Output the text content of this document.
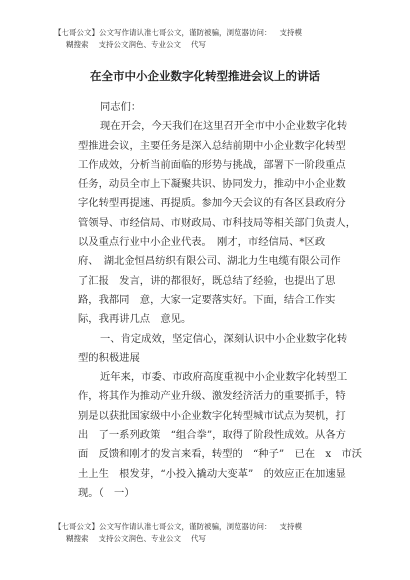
【七哥公文】公文写作请认准七哥公文，谨防被骗，浏览器访问： 支持模
糊搜索 支持公文润色、专业公文 代写
在全市中小企业数字化转型推进会议上的讲话

同志们：

现在开会，今天我们在这里召开全市中小企业数字化转

型推进会议，主要任务是深入总结前期中小企业数字化转型

工作成效，分析当前面临的形势与挑战，部署下一阶段重点

任务，动员全市上下凝聚共识、协同发力，推动中小企业数

字化转型再提速、再提质。参加今天会议的有各区县政府分

管领导、市经信局、市财政局、市科技局等相关部门负责人，

以及重点行业中小企业代表。　刚才，市经信局、*区政

府、　湖北金恒昌纺织有限公司、湖北力生电缆有限公司作

了汇报　发言，讲的都很好，既总结了经验，也提出了思

路，我都同　意，大家一定要落实好。下面，结合工作实

际，我再讲几点　意见。

一、肯定成效，坚定信心，深刻认识中小企业数字化转

型的积极进展

近年来，市委、市政府高度重视中小企业数字化转型工

作，将其作为推动产业升级、激发经济活力的重要抓手，特

别是以获批国家级中小企业数字化转型城市试点为契机，打

出　了一系列政策　“组合拳”，取得了阶段性成效。从各方

面　反馈和刚才的发言来看，转型的　“种子”　已在　x　市沃

土上生　根发芽，“小投入撬动大变革”　的效应正在加速显

现。（　一）

【七哥公文】公文写作请认准七哥公文，谨防被骗，浏览器访问： 支持模
糊搜索 支持公文润色、专业公文 代写
